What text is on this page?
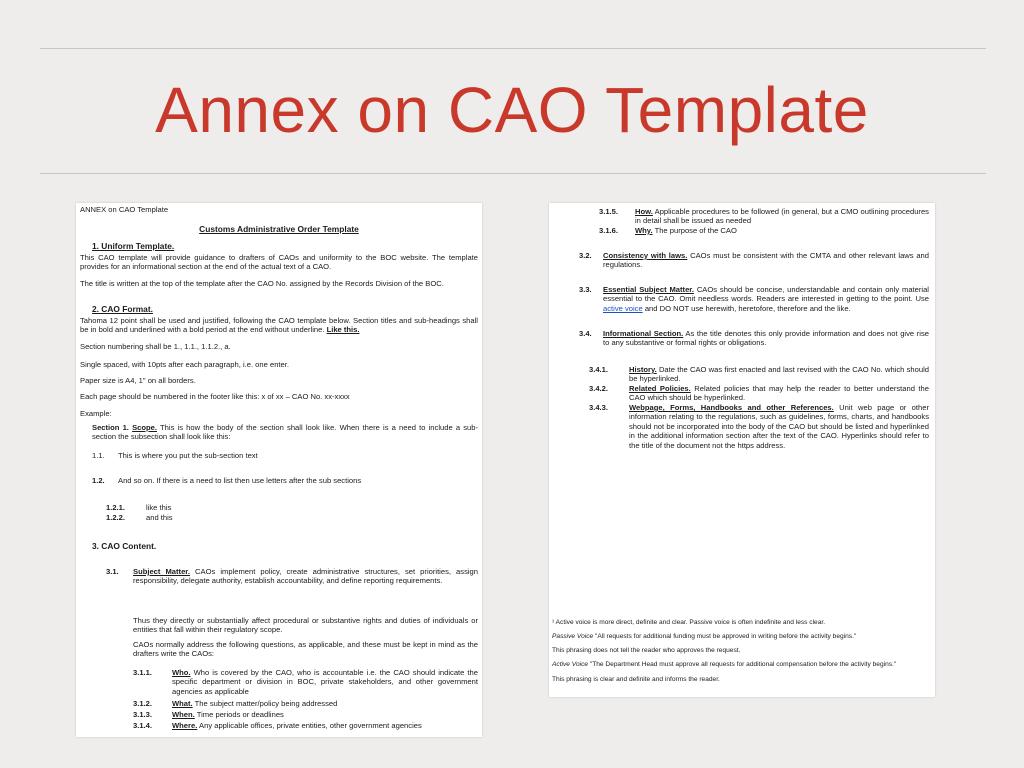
Annex on CAO Template

ANNEX on CAO Template

Customs Administrative Order Template

1. Uniform Template.

This CAO template will provide guidance to drafters of CAOs and uniformity to the BOC website. The template provides for an informational section at the end of the actual text of a CAO.

The title is written at the top of the template after the CAO No. assigned by the Records Division of the BOC.

2. CAO Format.

Tahoma 12 point shall be used and justified, following the CAO template below. Section titles and sub-headings shall be in bold and underlined with a bold period at the end without underline. Like this.

Section numbering shall be 1., 1.1., 1.1.2., a.

Single spaced, with 10pts after each paragraph, i.e. one enter.

Paper size is A4, 1" on all borders.

Each page should be numbered in the footer like this: x of xx – CAO No. xx-xxxx

Example:

Section 1. Scope. This is how the body of the section shall look like. When there is a need to include a sub-section the subsection shall look like this:

1.1.	This is where you put the sub-section text
1.2.	And so on. If there is a need to list then use letters after the sub sections
1.2.1.	like this
1.2.2.	and this

3. CAO Content.

3.1.	Subject Matter. CAOs implement policy, create administrative structures, set priorities, assign responsibility, delegate authority, establish accountability, and define reporting requirements.

Thus they directly or substantially affect procedural or substantive rights and duties of individuals or entities that fall within their regulatory scope.

CAOs normally address the following questions, as applicable, and these must be kept in mind as the drafters write the CAOs:

3.1.1.	Who. Who is covered by the CAO, who is accountable i.e. the CAO should indicate the specific department or division in BOC, private stakeholders, and other government agencies as applicable
3.1.2.	What. The subject matter/policy being addressed
3.1.3.	When. Time periods or deadlines
3.1.4.	Where. Any applicable offices, private entities, other government agencies
3.1.5.	How. Applicable procedures to be followed (in general, but a CMO outlining procedures in detail shall be issued as needed
3.1.6.	Why. The purpose of the CAO
3.2.	Consistency with laws. CAOs must be consistent with the CMTA and other relevant laws and regulations.
3.3.	Essential Subject Matter. CAOs should be concise, understandable and contain only material essential to the CAO. Omit needless words. Readers are interested in getting to the point. Use active voice and DO NOT use herewith, heretofore, therefore and the like.
3.4.	Informational Section. As the title denotes this only provide information and does not give rise to any substantive or formal rights or obligations.
3.4.1.	History. Date the CAO was first enacted and last revised with the CAO No. which should be hyperlinked.
3.4.2.	Related Policies. Related policies that may help the reader to better understand the CAO which should be hyperlinked.
3.4.3.	Webpage, Forms, Handbooks and other References. Unit web page or other information relating to the regulations, such as guidelines, forms, charts, and handbooks should not be incorporated into the body of the CAO but should be listed and hyperlinked in the additional information section after the text of the CAO. Hyperlinks should refer to the title of the document not the https address.

¹ Active voice is more direct, definite and clear. Passive voice is often indefinite and less clear.

Passive Voice "All requests for additional funding must be approved in writing before the activity begins."

This phrasing does not tell the reader who approves the request.

Active Voice "The Department Head must approve all requests for additional compensation before the activity begins."

This phrasing is clear and definite and informs the reader.
